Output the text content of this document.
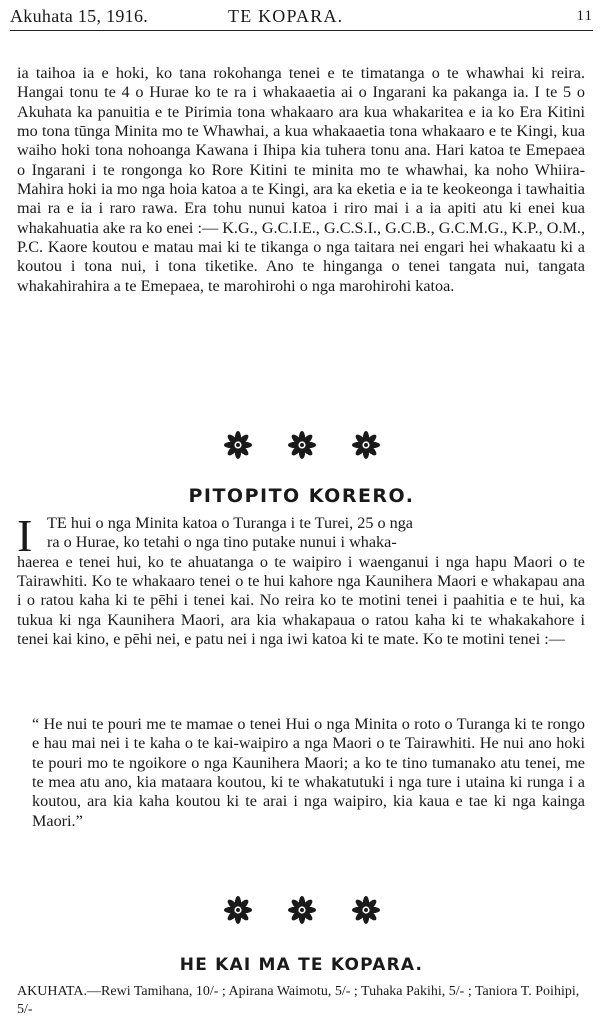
Akuhata 15, 1916.	TE KOPARA.	11

ia taihoa ia e hoki, ko tana rokohanga tenei e te timatanga o te whawhai ki reira. Hangai tonu te 4 o Hurae ko te ra i whakaaetia ai o Ingarani ka pakanga ia. I te 5 o Akuhata ka panuitia e te Pirimia tona whakaaro ara kua whakaritea e ia ko Era Kitini mo tona tūnga Minita mo te Whawhai, a kua whakaaetia tona whakaaro e te Kingi, kua waiho hoki tona nohoanga Kawana i Ihipa kia tuhera tonu ana. Hari katoa te Emepaea o Ingarani i te rongonga ko Rore Kitini te minita mo te whawhai, ka noho Whiira-Mahira hoki ia mo nga hoia katoa a te Kingi, ara ka eketia e ia te keokeonga i tawhaitia mai ra e ia i raro rawa. Era tohu nunui katoa i riro mai i a ia apiti atu ki enei kua whakahuatia ake ra ko enei :— K.G., G.C.I.E., G.C.S.I., G.C.B., G.C.M.G., K.P., O.M., P.C. Kaore koutou e matau mai ki te tikanga o nga taitara nei engari hei whakaatu ki a koutou i tona nui, i tona tiketike. Ano te hinganga o tenei tangata nui, tangata whakahirahira a te Emepaea, te marohirohi o nga marohirohi katoa.

PITOPITO KORERO.
I TE hui o nga Minita katoa o Turanga i te Turei, 25 o nga
ra o Hurae, ko tetahi o nga tino putake nunui i whaka-
haerea e tenei hui, ko te ahuatanga o te waipiro i waenganui i nga hapu Maori o te Tairawhiti. Ko te whakaaro tenei o te hui kahore nga Kaunihera Maori e whakapau ana i o ratou kaha ki te pēhi i tenei kai. No reira ko te motini tenei i paahitia e te hui, ka tukua ki nga Kaunihera Maori, ara kia whakapaua o ratou kaha ki te whakakahore i tenei kai kino, e pēhi nei, e patu nei i nga iwi katoa ki te mate. Ko te motini tenei :—

“ He nui te pouri me te mamae o tenei Hui o nga Minita o roto o Turanga ki te rongo e hau mai nei i te kaha o te kai-waipiro a nga Maori o te Tairawhiti. He nui ano hoki te pouri mo te ngoikore o nga Kaunihera Maori; a ko te tino tumanako atu tenei, me te mea atu ano, kia mataara koutou, ki te whakatutuki i nga ture i utaina ki runga i a koutou, ara kia kaha koutou ki te arai i nga waipiro, kia kaua e tae ki nga kainga Maori.”

HE KAI MA TE KOPARA.

AKUHATA.—Rewi Tamihana, 10/- ; Apirana Waimotu, 5/- ; Tuhaka Pakihi, 5/- ; Taniora T. Poihipi, 5/-
